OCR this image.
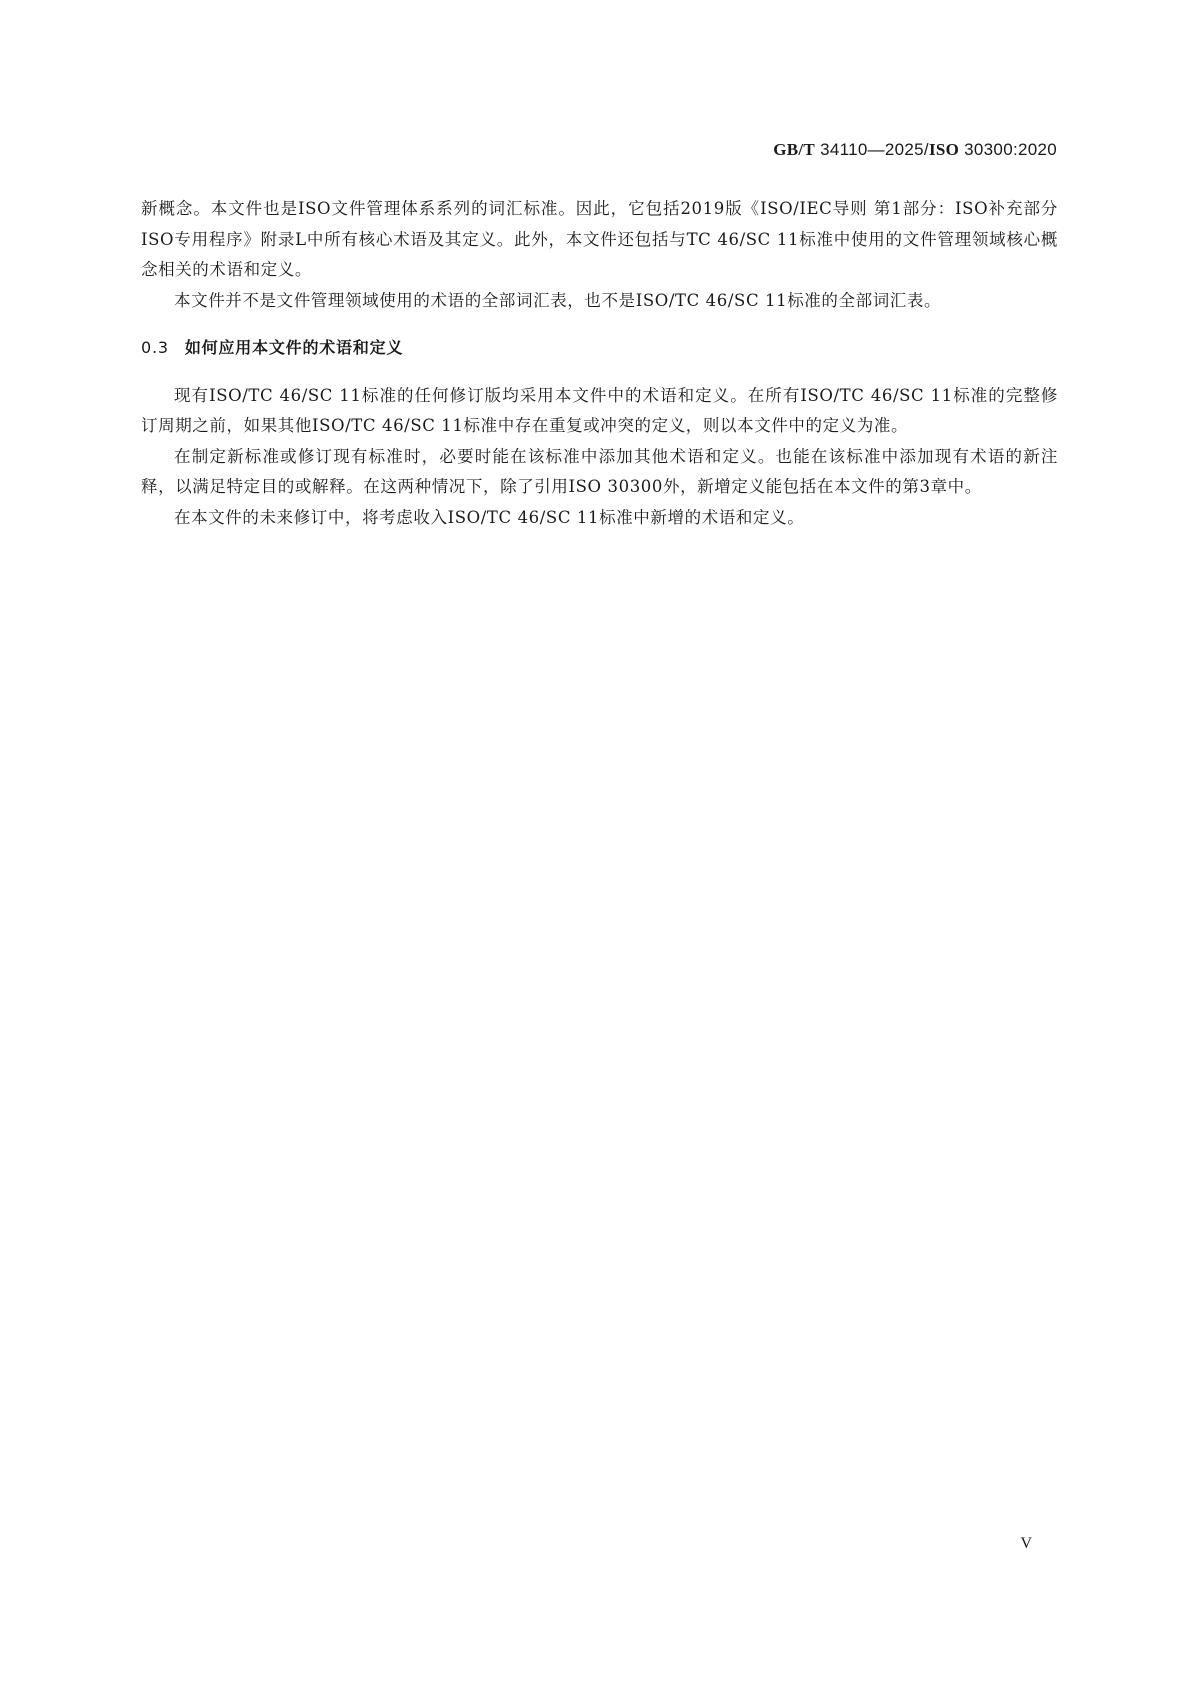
GB/T 34110—2025/ISO 30300:2020

新概念。本文件也是ISO文件管理体系系列的词汇标准。因此，它包括2019版《ISO/IEC导则 第1部分：ISO补充部分 ISO专用程序》附录L中所有核心术语及其定义。此外，本文件还包括与TC 46/SC 11标准中使用的文件管理领域核心概念相关的术语和定义。

本文件并不是文件管理领域使用的术语的全部词汇表，也不是ISO/TC 46/SC 11标准的全部词汇表。

0.3 如何应用本文件的术语和定义

现有ISO/TC 46/SC 11标准的任何修订版均采用本文件中的术语和定义。在所有ISO/TC 46/SC 11标准的完整修订周期之前，如果其他ISO/TC 46/SC 11标准中存在重复或冲突的定义，则以本文件中的定义为准。

在制定新标准或修订现有标准时，必要时能在该标准中添加其他术语和定义。也能在该标准中添加现有术语的新注释，以满足特定目的或解释。在这两种情况下，除了引用ISO 30300外，新增定义能包括在本文件的第3章中。

在本文件的未来修订中，将考虑收入ISO/TC 46/SC 11标准中新增的术语和定义。

V
